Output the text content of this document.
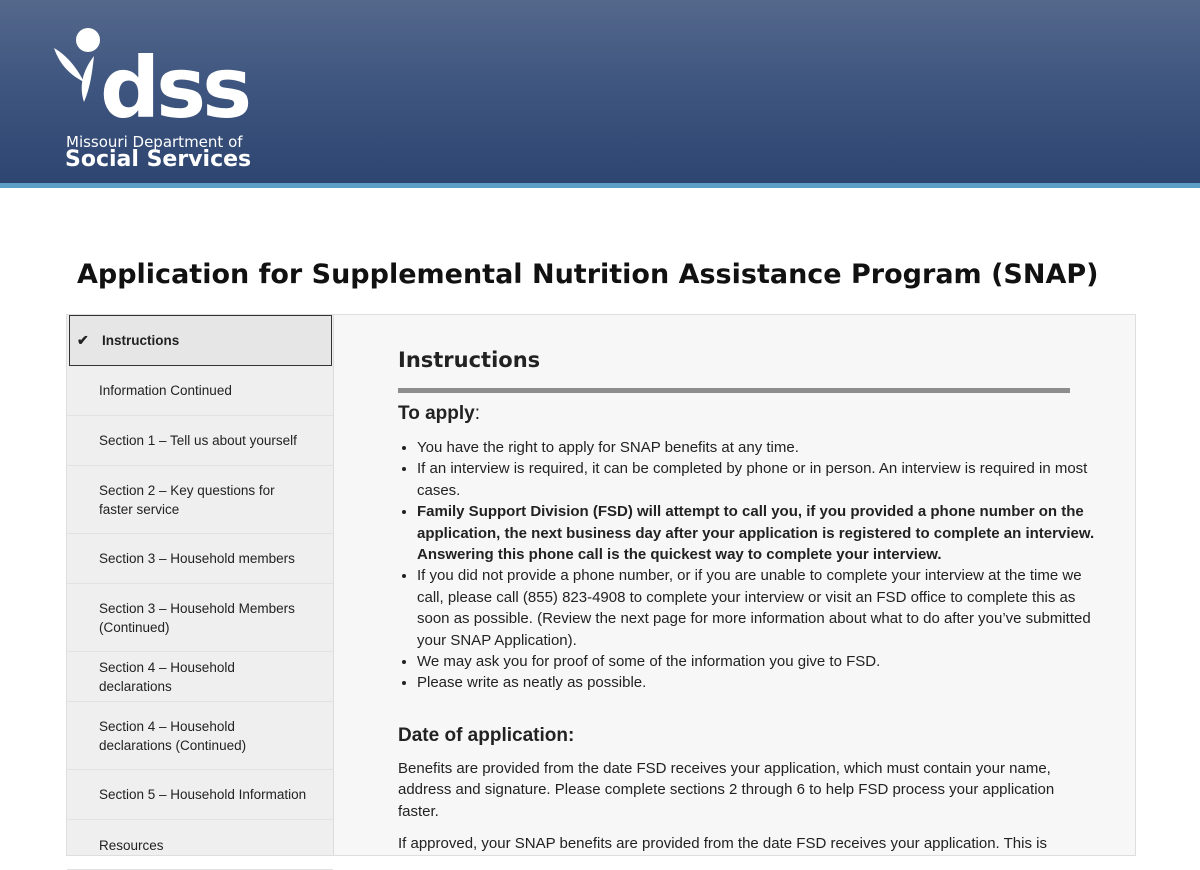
dss
Missouri Department of
Social Services
Application for Supplemental Nutrition Assistance Program (SNAP)
✔ Instructions
Information Continued
Section 1 – Tell us about yourself
Section 2 – Key questions for faster service
Section 3 – Household members
Section 3 – Household Members (Continued)
Section 4 – Household declarations
Section 4 – Household declarations (Continued)
Section 5 – Household Information
Resources
Instructions
To apply:
• You have the right to apply for SNAP benefits at any time.
• If an interview is required, it can be completed by phone or in person. An interview is required in most cases.
• Family Support Division (FSD) will attempt to call you, if you provided a phone number on the application, the next business day after your application is registered to complete an interview. Answering this phone call is the quickest way to complete your interview.
• If you did not provide a phone number, or if you are unable to complete your interview at the time we call, please call (855) 823-4908 to complete your interview or visit an FSD office to complete this as soon as possible. (Review the next page for more information about what to do after you’ve submitted your SNAP Application).
• We may ask you for proof of some of the information you give to FSD.
• Please write as neatly as possible.
Date of application:

Benefits are provided from the date FSD receives your application, which must contain your name, address and signature. Please complete sections 2 through 6 to help FSD process your application faster.

If approved, your SNAP benefits are provided from the date FSD receives your application. This is
